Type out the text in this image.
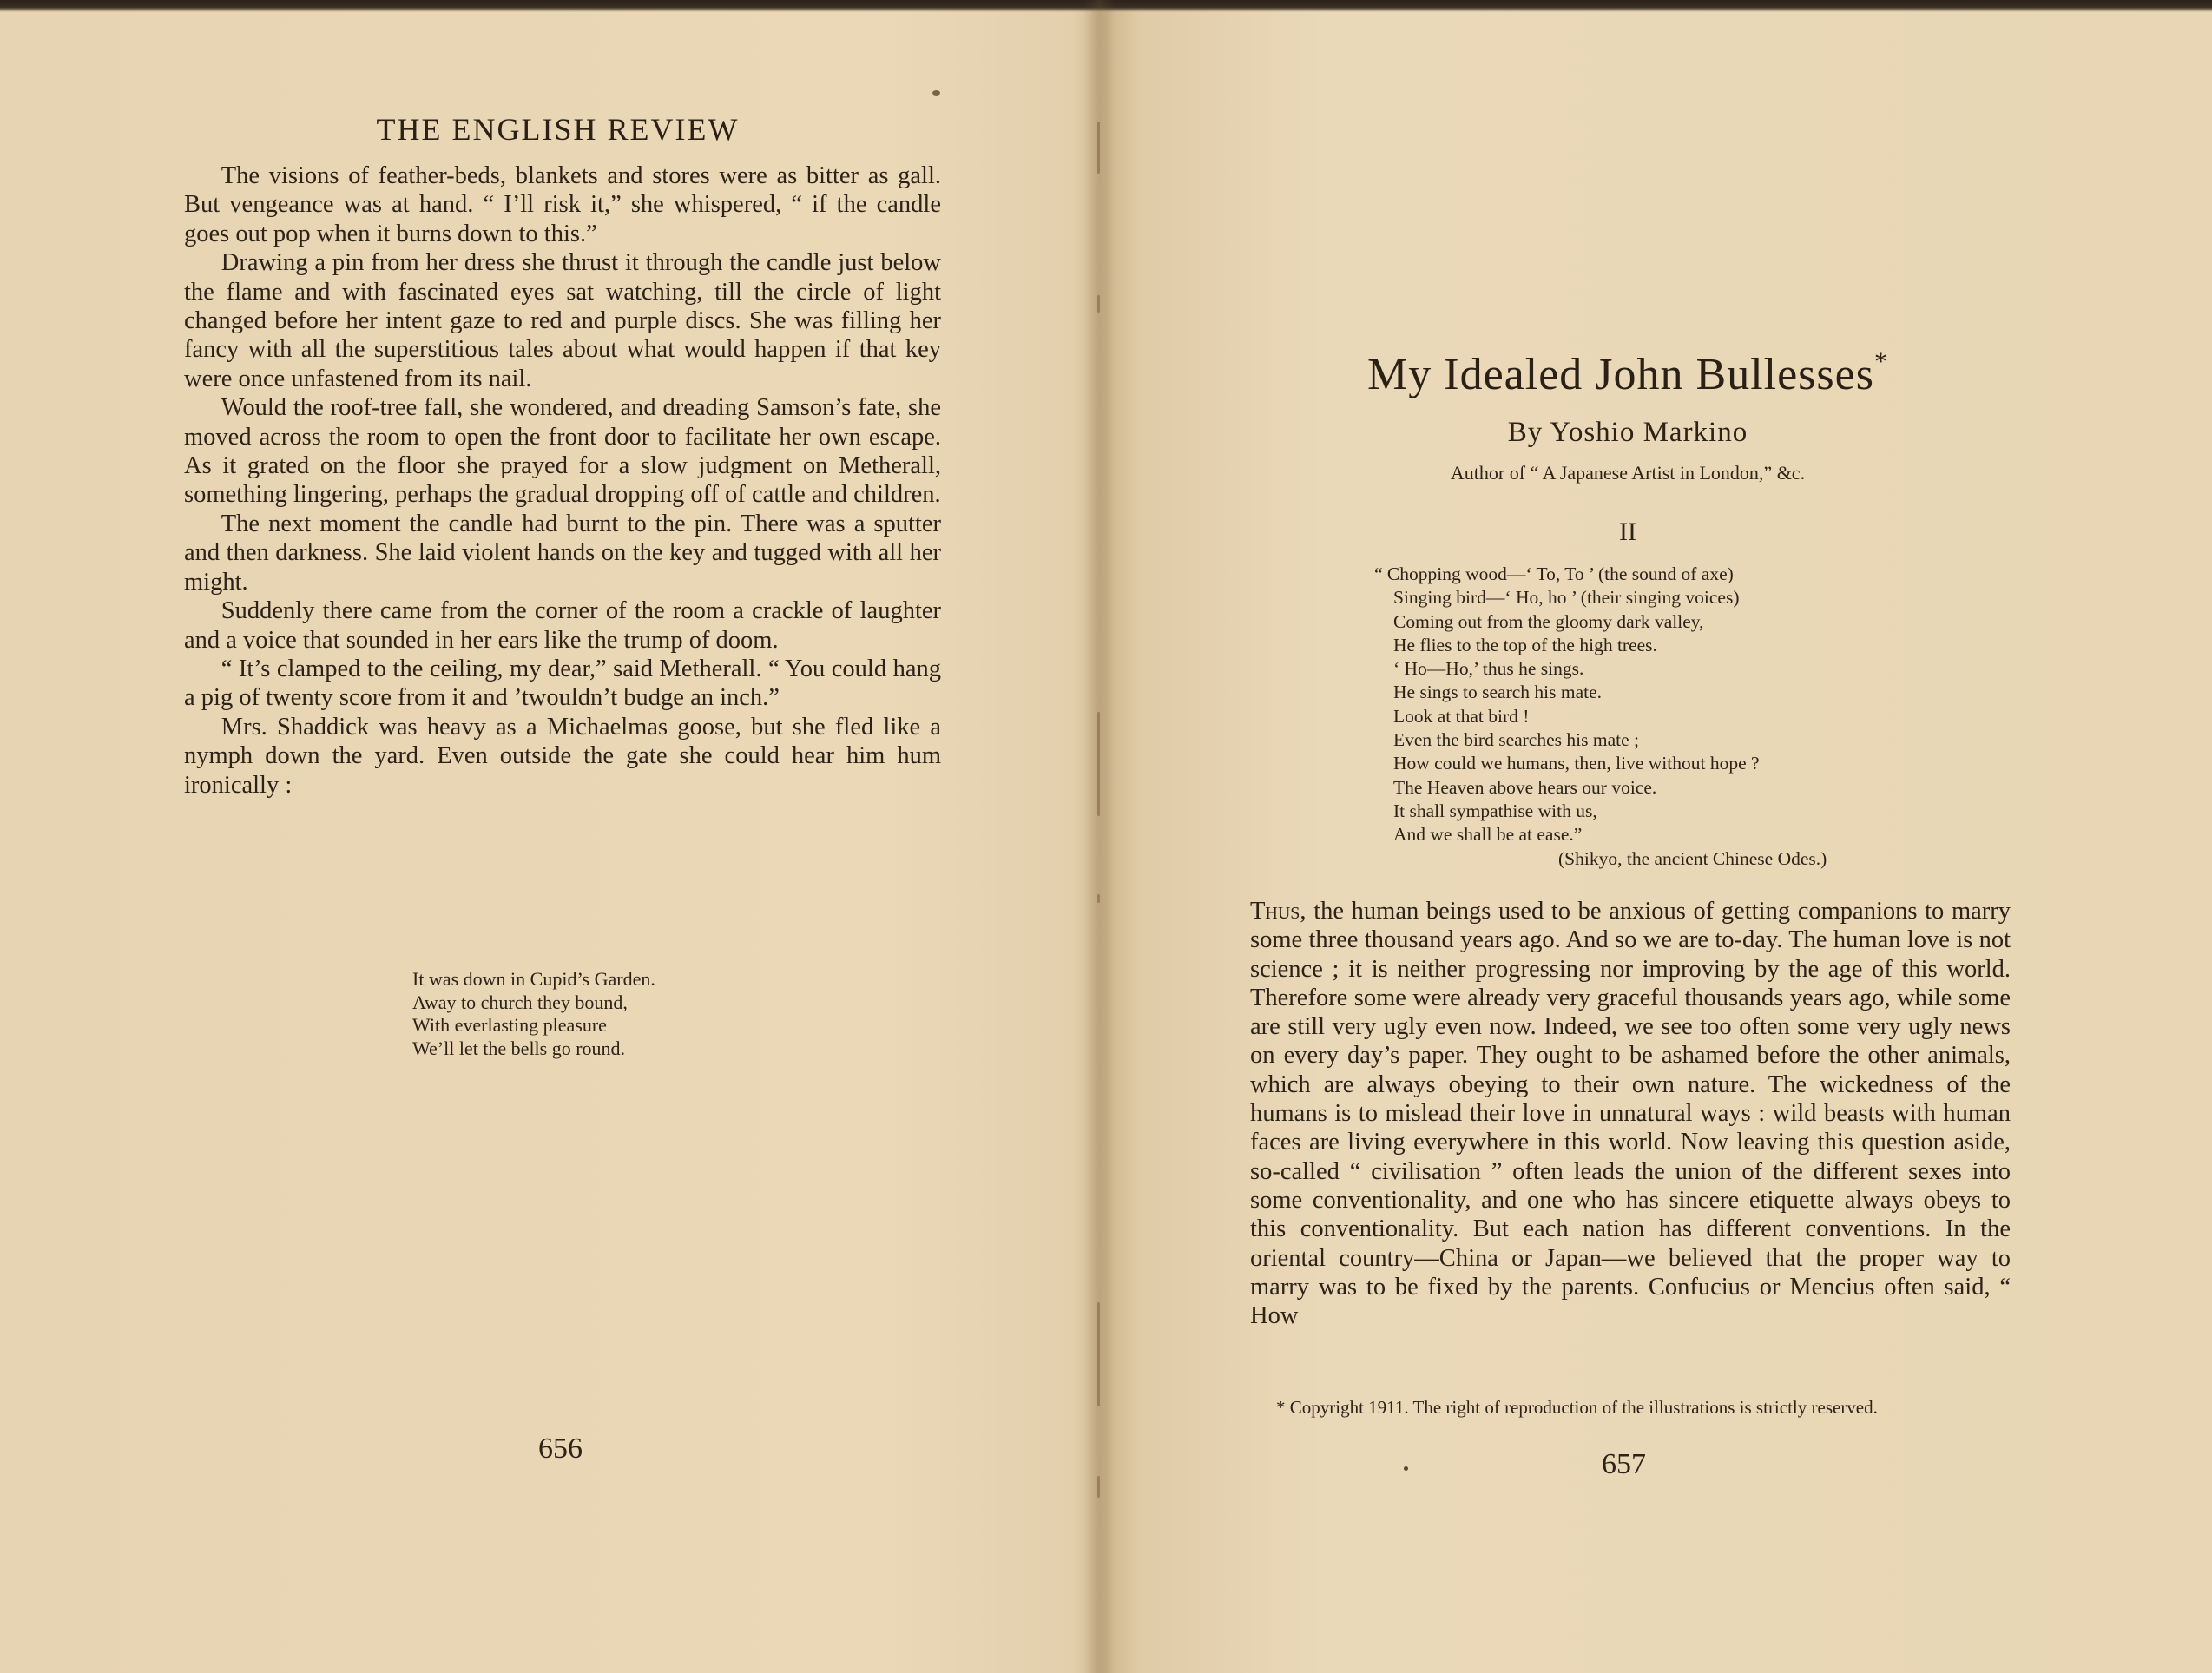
THE ENGLISH REVIEW

The visions of feather-beds, blankets and stores were as bitter as gall. But vengeance was at hand. “ I’ll risk it,” she whispered, “ if the candle goes out pop when it burns down to this.”

Drawing a pin from her dress she thrust it through the candle just below the flame and with fascinated eyes sat watching, till the circle of light changed before her intent gaze to red and purple discs. She was filling her fancy with all the superstitious tales about what would happen if that key were once unfastened from its nail.

Would the roof-tree fall, she wondered, and dreading Samson’s fate, she moved across the room to open the front door to facilitate her own escape. As it grated on the floor she prayed for a slow judgment on Metherall, something lingering, perhaps the gradual dropping off of cattle and children.

The next moment the candle had burnt to the pin. There was a sputter and then darkness. She laid violent hands on the key and tugged with all her might.

Suddenly there came from the corner of the room a crackle of laughter and a voice that sounded in her ears like the trump of doom.

“ It’s clamped to the ceiling, my dear,” said Metherall. “ You could hang a pig of twenty score from it and ’twouldn’t budge an inch.”

Mrs. Shaddick was heavy as a Michaelmas goose, but she fled like a nymph down the yard. Even outside the gate she could hear him hum ironically :

It was down in Cupid’s Garden.
Away to church they bound,
With everlasting pleasure
We’ll let the bells go round.
656
My Idealed John Bullesses*
By Yoshio Markino
Author of “ A Japanese Artist in London,” &c.
II
“ Chopping wood—‘ To, To ’ (the sound of axe)
Singing bird—‘ Ho, ho ’ (their singing voices)
Coming out from the gloomy dark valley,
He flies to the top of the high trees.
‘ Ho—Ho,’ thus he sings.
He sings to search his mate.
Look at that bird !
Even the bird searches his mate ;
How could we humans, then, live without hope ?
The Heaven above hears our voice.
It shall sympathise with us,
And we shall be at ease.”
(Shikyo, the ancient Chinese Odes.)

Thus, the human beings used to be anxious of getting companions to marry some three thousand years ago. And so we are to-day. The human love is not science ; it is neither progressing nor improving by the age of this world. Therefore some were already very graceful thousands years ago, while some are still very ugly even now. Indeed, we see too often some very ugly news on every day’s paper. They ought to be ashamed before the other animals, which are always obeying to their own nature. The wickedness of the humans is to mislead their love in unnatural ways : wild beasts with human faces are living everywhere in this world. Now leaving this question aside, so-called “ civilisation ” often leads the union of the different sexes into some conventionality, and one who has sincere etiquette always obeys to this conventionality. But each nation has different conventions. In the oriental country—China or Japan—we believed that the proper way to marry was to be fixed by the parents. Confucius or Mencius often said, “ How

* Copyright 1911. The right of reproduction of the illustrations is strictly reserved.
657
